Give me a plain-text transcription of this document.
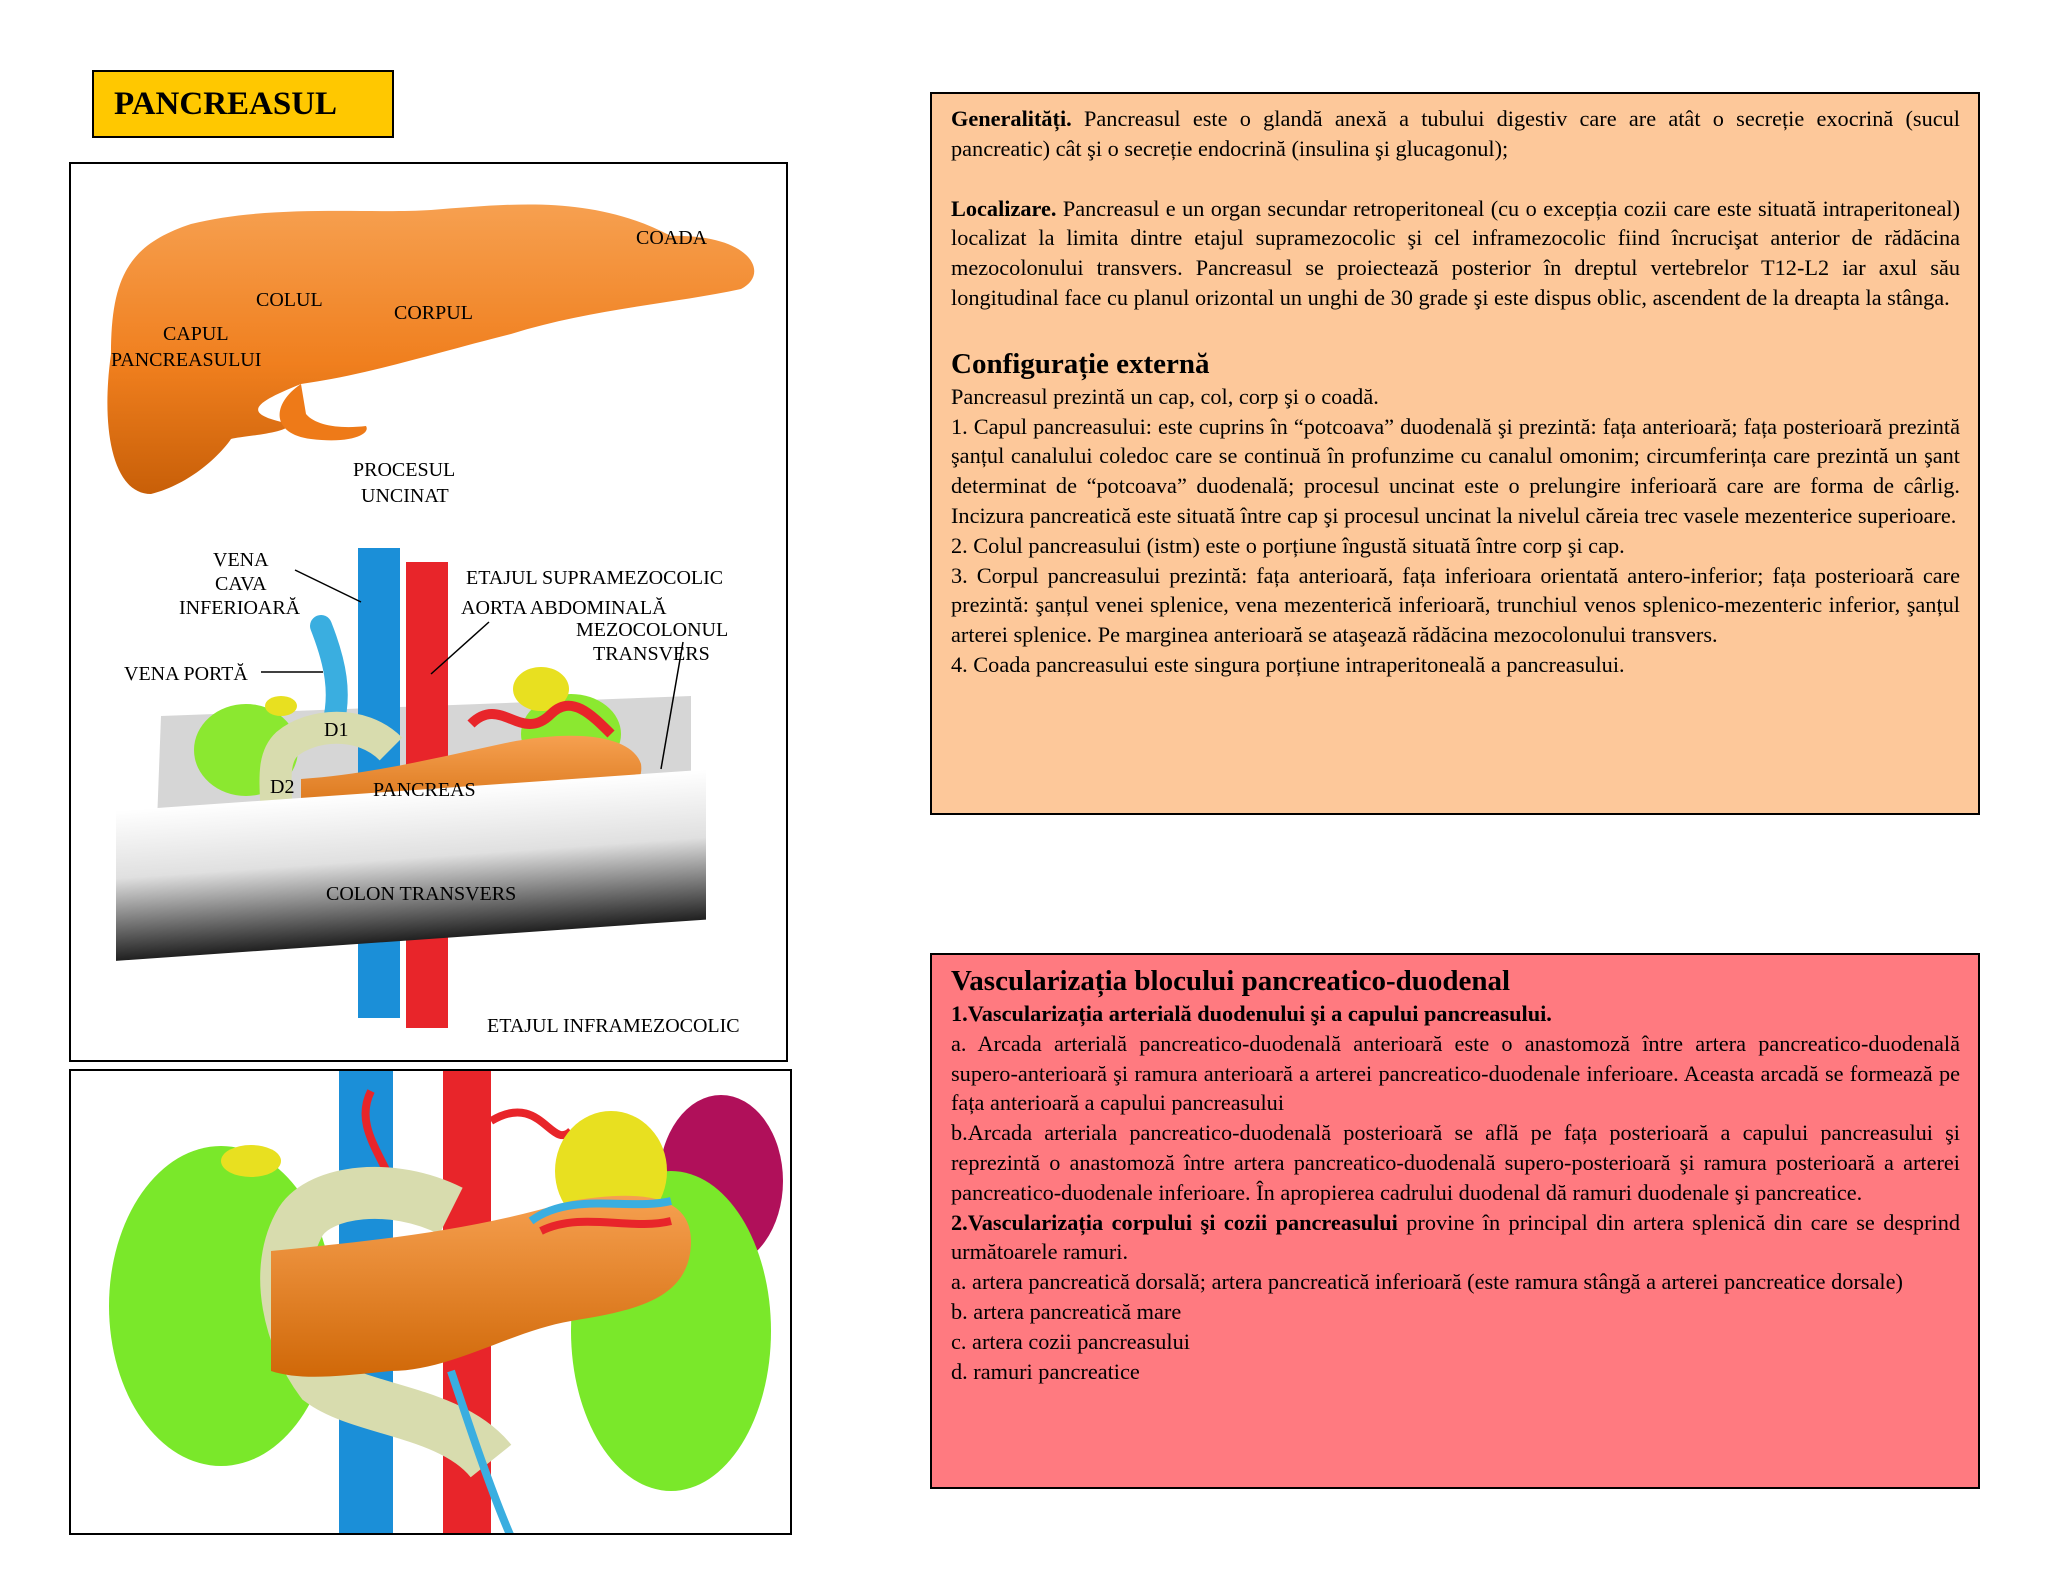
PANCREASUL
COADA
COLUL
CORPUL
CAPUL
PANCREASULUI
PROCESUL
UNCINAT
VENA
CAVA
INFERIOARĂ
ETAJUL SUPRAMEZOCOLIC
AORTA ABDOMINALĂ
MEZOCOLONUL
TRANSVERS
VENA PORTĂ
D1
D2	PANCREAS
COLON TRANSVERS
ETAJUL INFRAMEZOCOLIC

Generalități. Pancreasul este o glandă anexă a tubului digestiv care are atât o secreție exocrină (sucul pancreatic) cât şi o secreție endocrină (insulina şi glucagonul);

Localizare. Pancreasul e un organ secundar retroperitoneal (cu o excepția cozii care este situată intraperitoneal) localizat la limita dintre etajul supramezocolic şi cel inframezocolic fiind încrucişat anterior de rădăcina mezocolonului transvers. Pancreasul se proiectează posterior în dreptul vertebrelor T12-L2 iar axul său longitudinal face cu planul orizontal un unghi de 30 grade şi este dispus oblic, ascendent de la dreapta la stânga.

Configurație externă

Pancreasul prezintă un cap, col, corp şi o coadă.

1. Capul pancreasului: este cuprins în “potcoava” duodenală şi prezintă: fața anterioară; fața posterioară prezintă şanțul canalului coledoc care se continuă în profunzime cu canalul omonim; circumferința care prezintă un şant determinat de “potcoava” duodenală; procesul uncinat este o prelungire inferioară care are forma de cârlig. Incizura pancreatică este situată între cap şi procesul uncinat la nivelul căreia trec vasele mezenterice superioare.

2. Colul pancreasului (istm) este o porțiune îngustă situată între corp şi cap.

3. Corpul pancreasului prezintă: fața anterioară, fața inferioara orientată antero-inferior; fața posterioară care prezintă: şanțul venei splenice, vena mezenterică inferioară, trunchiul venos splenico-mezenteric inferior, şanțul arterei splenice. Pe marginea anterioară se ataşează rădăcina mezocolonului transvers.

4. Coada pancreasului este singura porțiune intraperitoneală a pancreasului.

Vascularizația blocului pancreatico-duodenal

1.Vascularizația arterială duodenului şi a capului pancreasului.

a. Arcada arterială pancreatico-duodenală anterioară este o anastomoză între artera pancreatico-duodenală supero-anterioară şi ramura anterioară a arterei pancreatico-duodenale inferioare. Aceasta arcadă se formează pe fața anterioară a capului pancreasului

b.Arcada arteriala pancreatico-duodenală posterioară se află pe fața posterioară a capului pancreasului şi reprezintă o anastomoză între artera pancreatico-duodenală supero-posterioară şi ramura posterioară a arterei pancreatico-duodenale inferioare. În apropierea cadrului duodenal dă ramuri duodenale şi pancreatice.

2.Vascularizația corpului şi cozii pancreasului provine în principal din artera splenică din care se desprind următoarele ramuri.

a. artera pancreatică dorsală; artera pancreatică inferioară (este ramura stângă a arterei pancreatice dorsale)

b. artera pancreatică mare

c. artera cozii pancreasului

d. ramuri pancreatice
